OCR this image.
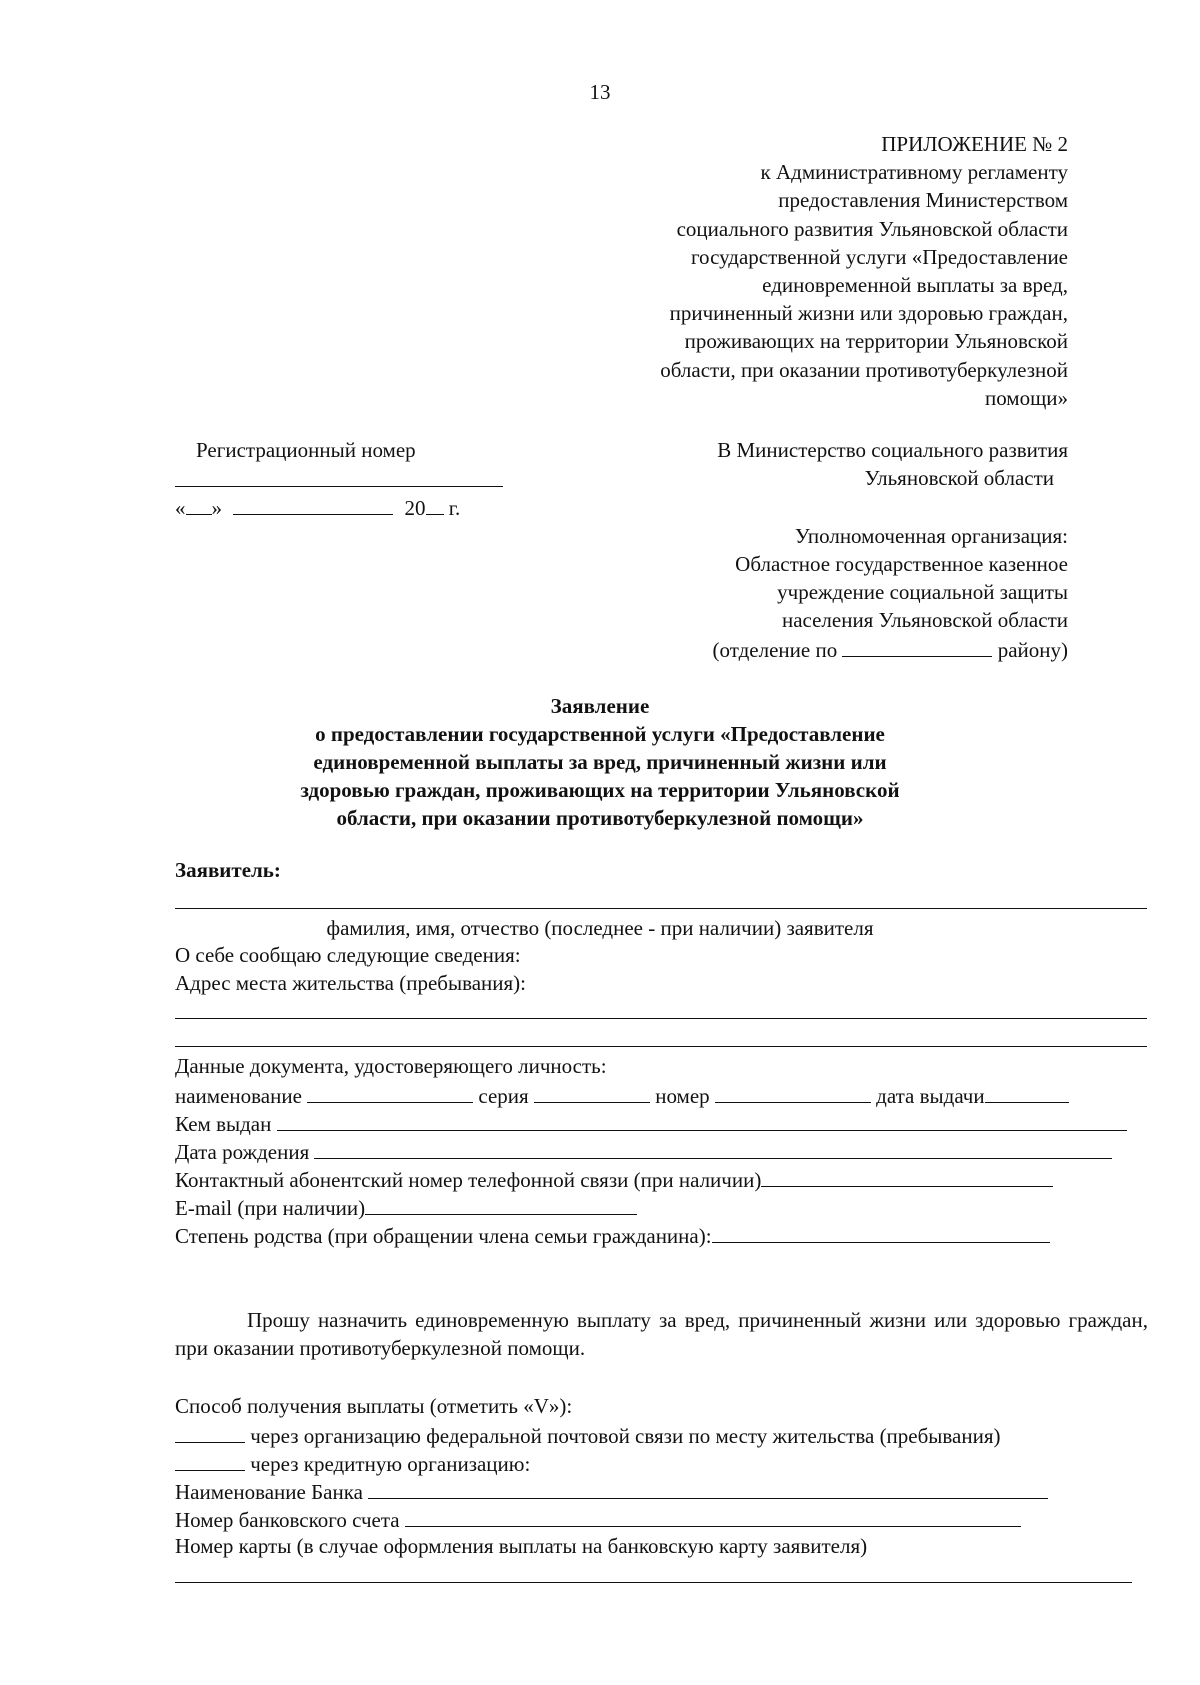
13
ПРИЛОЖЕНИЕ № 2
к Административному регламенту
предоставления Министерством
социального развития Ульяновской области
государственной услуги «Предоставление
единовременной выплаты за вред,
причиненный жизни или здоровью граждан,
проживающих на территории Ульяновской
области, при оказании противотуберкулезной
помощи»
Регистрационный номер
« »	20 г.
В Министерство социального развития
Ульяновской области
Уполномоченная организация:
Областное государственное казенное
учреждение социальной защиты
населения Ульяновской области
(отделение по	району)
Заявление
о предоставлении государственной услуги «Предоставление
единовременной выплаты за вред, причиненный жизни или
здоровью граждан, проживающих на территории Ульяновской
области, при оказании противотуберкулезной помощи»
Заявитель:
фамилия, имя, отчество (последнее - при наличии) заявителя
О себе сообщаю следующие сведения:
Адрес места жительства (пребывания):
Данные документа, удостоверяющего личность:
наименование	серия	номер	дата выдачи
Кем выдан
Дата рождения
Контактный абонентский номер телефонной связи (при наличии)
E-mail (при наличии)
Степень родства (при обращении члена семьи гражданина):
Прошу назначить единовременную выплату за вред, причиненный жизни или здоровью граждан, при оказании противотуберкулезной помощи.
Способ получения выплаты (отметить «V»):
через организацию федеральной почтовой связи по месту жительства (пребывания)
через кредитную организацию:
Наименование Банка
Номер банковского счета
Номер карты (в случае оформления выплаты на банковскую карту заявителя)
